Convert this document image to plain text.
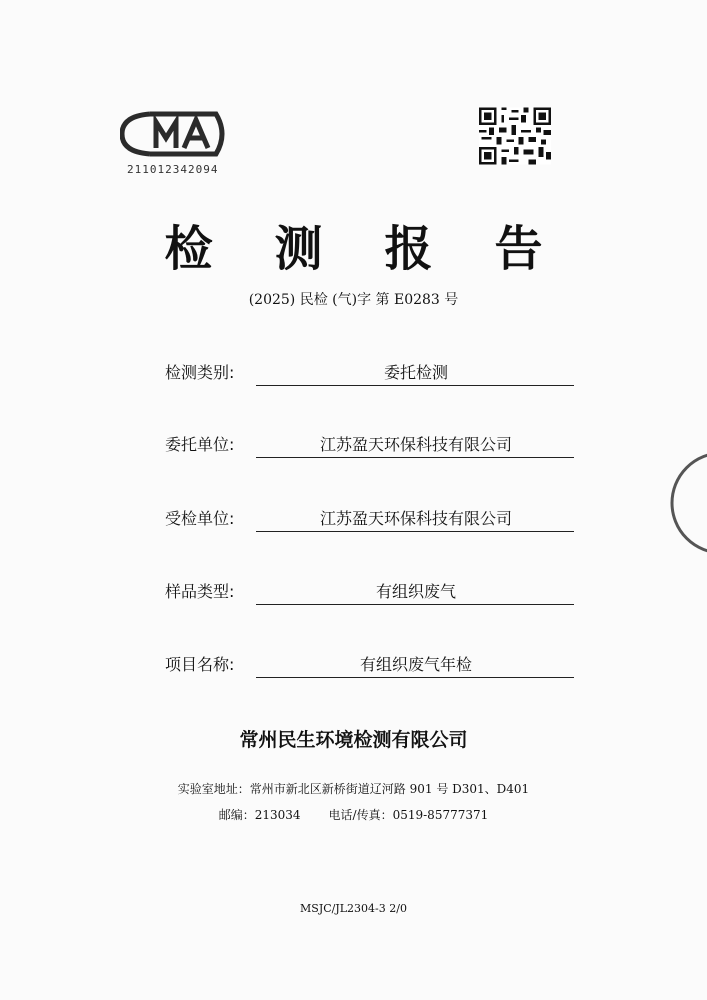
211012342094
检测报告
(2025) 民检 (气)字 第 E0283 号
检测类别:	委托检测
委托单位:	江苏盈天环保科技有限公司
受检单位:	江苏盈天环保科技有限公司
样品类型:	有组织废气
项目名称:	有组织废气年检
常州民生环境检测有限公司
实验室地址：常州市新北区新桥街道辽河路 901 号 D301、D401
邮编：213034 电话/传真：0519-85777371
MSJC/JL2304-3 2/0
